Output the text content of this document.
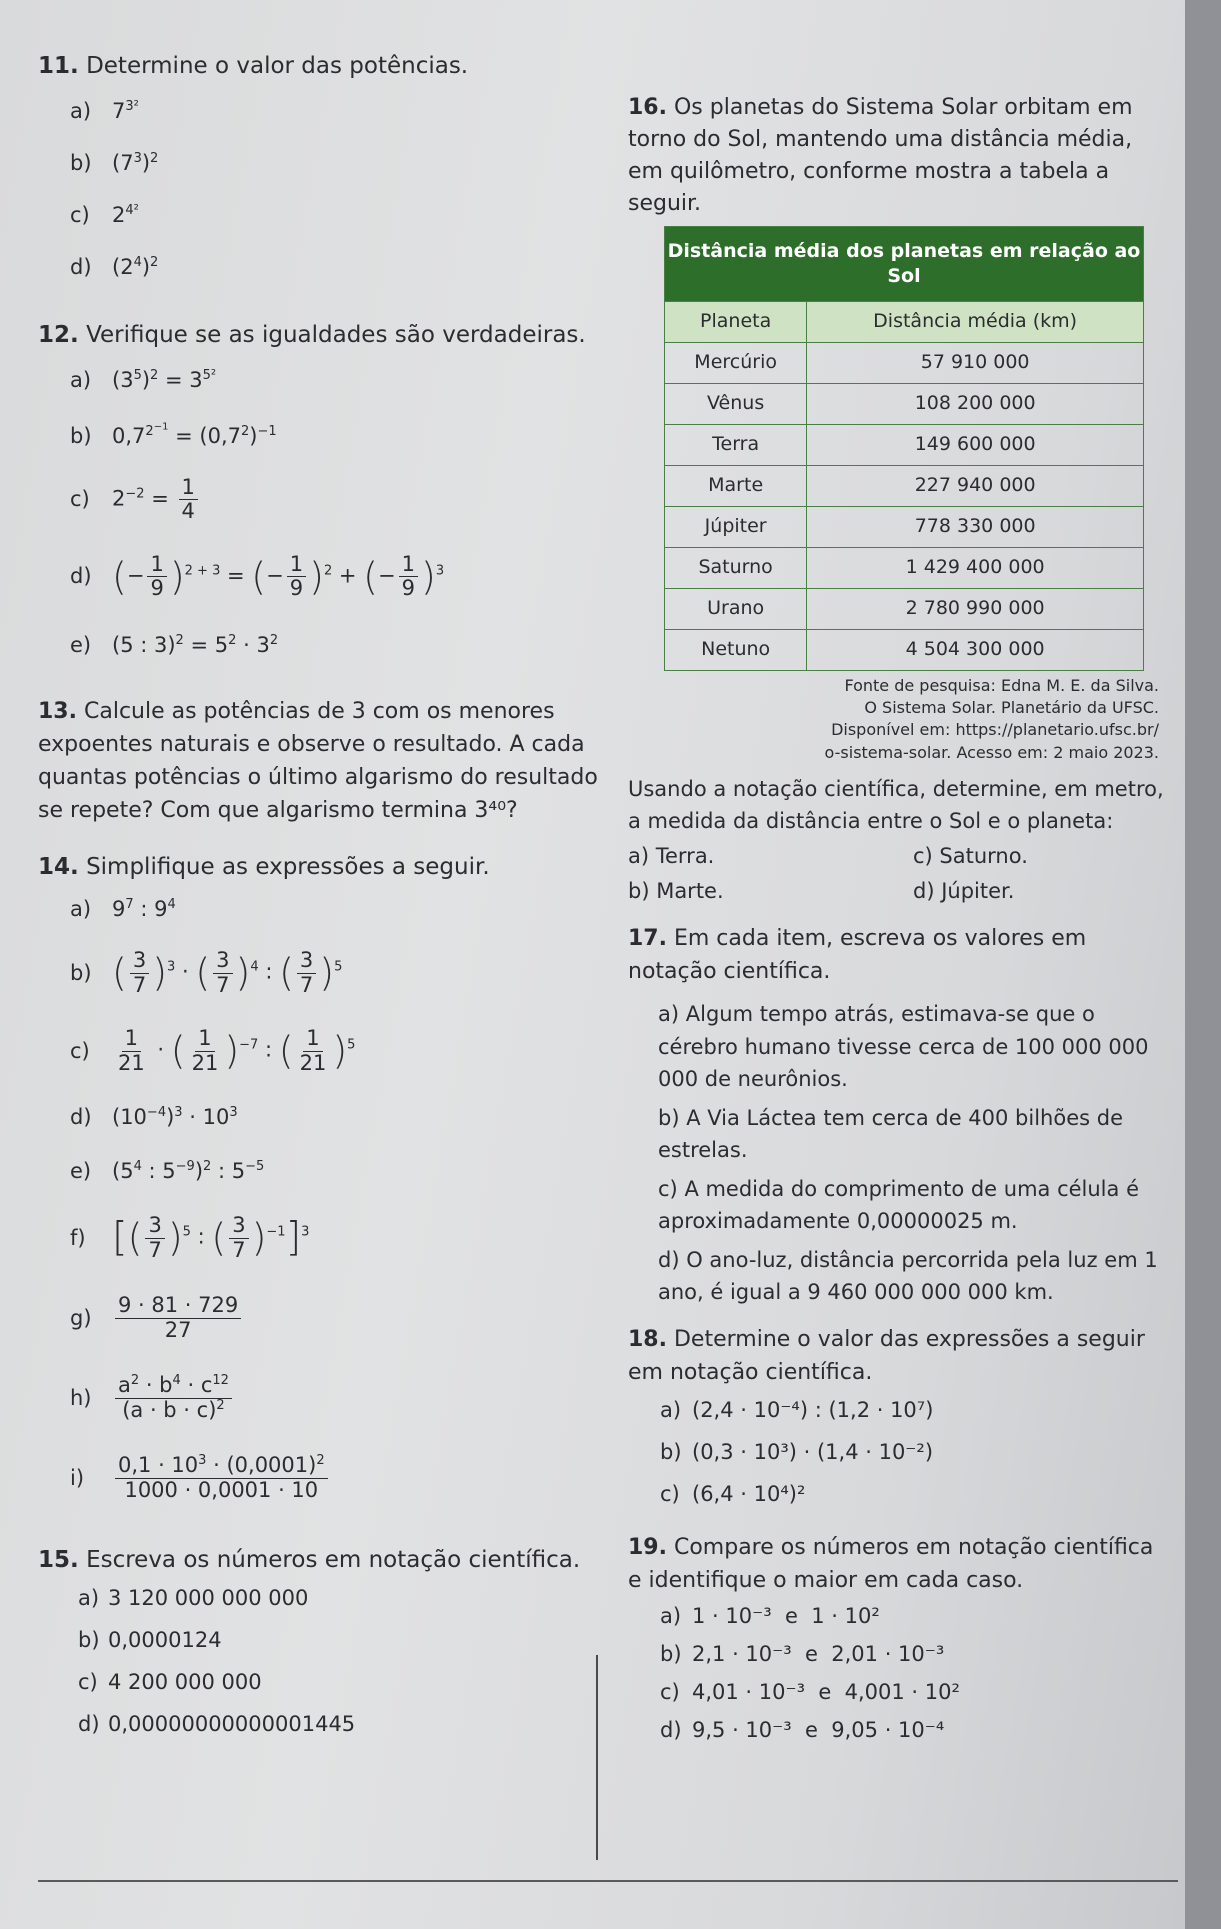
11. Determine o valor das potências.

a) $7^{3^2}$
b) $(7^3)^2$
c)	$2^{4^2}$
d) $(2^4)^2$

12. Verifique se as igualdades são verdadeiras.

a) $(3^5)^2 = 3^{5^2}$
b) $0,7^{2^{-1}} = (0,7^2)^{-1}$
c)	$2^{-2} = \frac{1}{4}$
d) (− $\frac{1}{9} )^{2 + 3}$ = (− $\frac{1}{9} )^2$ + (− $\frac{1}{9} )^3$
e) (5 : $3)^2 = 5^2 \cdot 3^2$

13. Calcule as potências de 3 com os menores expoentes naturais e observe o resultado. A cada quantas potências o último algarismo do resultado se repete? Com que algarismo termina 3⁴⁰?

14. Simplifique as expressões a seguir.

a) $9^7$ : $9^4$
b) ( $\frac{3}{7} )^3$ · ( $\frac{3}{7} )^4$ : ( $\frac{3}{7} )^5$
c)	$\frac{1}{21}$ · ( $\frac{1}{21} )^{-7}$ : ( $\frac{1}{21} )^5$
d) $(10^{-4})^3 \cdot 10^3$
e) ($5^4$ : $5^{-9})^2$ : $5^{-5}$
f) [( $\frac{3}{7} )^5$ : ( $\frac{3}{7} )^{-1}]^3$
g)	$\frac{9 \cdot 81 \cdot 729}{27}$
h)	$\frac{a^2 \cdot b^4 \cdot c^{12}}{(a \cdot b \cdot c)^2}$
i)	$\frac{0,1 \cdot 10^3 \cdot (0,0001)^2}{1000 \cdot 0,0001 \cdot 10}$

15. Escreva os números em notação científica.

a) 3 120 000 000 000
b) 0,0000124
c) 4 200 000 000
d) 0,00000000000001445

16. Os planetas do Sistema Solar orbitam em torno do Sol, mantendo uma distância média, em quilômetro, conforme mostra a tabela a seguir.

Distância média dos planetas em relação ao Sol	
Planeta	Distância média (km)
Mercúrio	57 910 000
Vênus	108 200 000
Terra	149 600 000
Marte	227 940 000
Júpiter	778 330 000
Saturno	1 429 400 000
Urano	2 780 990 000
Netuno	4 504 300 000
Fonte de pesquisa: Edna M. E. da Silva.
O Sistema Solar. Planetário da UFSC.
Disponível em: https://planetario.ufsc.br/
o-sistema-solar. Acesso em: 2 maio 2023.

Usando a notação científica, determine, em metro, a medida da distância entre o Sol e o planeta:

a) Terra.	c) Saturno.
b) Marte.	d) Júpiter.

17. Em cada item, escreva os valores em notação científica.

a) Algum tempo atrás, estimava-se que o cérebro humano tivesse cerca de 100 000 000 000 de neurônios.
b) A Via Láctea tem cerca de 400 bilhões de estrelas.
c) A medida do comprimento de uma célula é aproximadamente 0,00000025 m.
d) O ano-luz, distância percorrida pela luz em 1 ano, é igual a 9 460 000 000 000 km.

18. Determine o valor das expressões a seguir em notação científica.

a) (2,4 · 10⁻⁴) : (1,2 · 10⁷)
b) (0,3 · 10³) · (1,4 · 10⁻²)
c) (6,4 · 10⁴)²

19. Compare os números em notação científica e identifique o maior em cada caso.

a) 1 · 10⁻³  e  1 · 10²
b) 2,1 · 10⁻³  e  2,01 · 10⁻³
c) 4,01 · 10⁻³  e  4,001 · 10²
d) 9,5 · 10⁻³  e  9,05 · 10⁻⁴
